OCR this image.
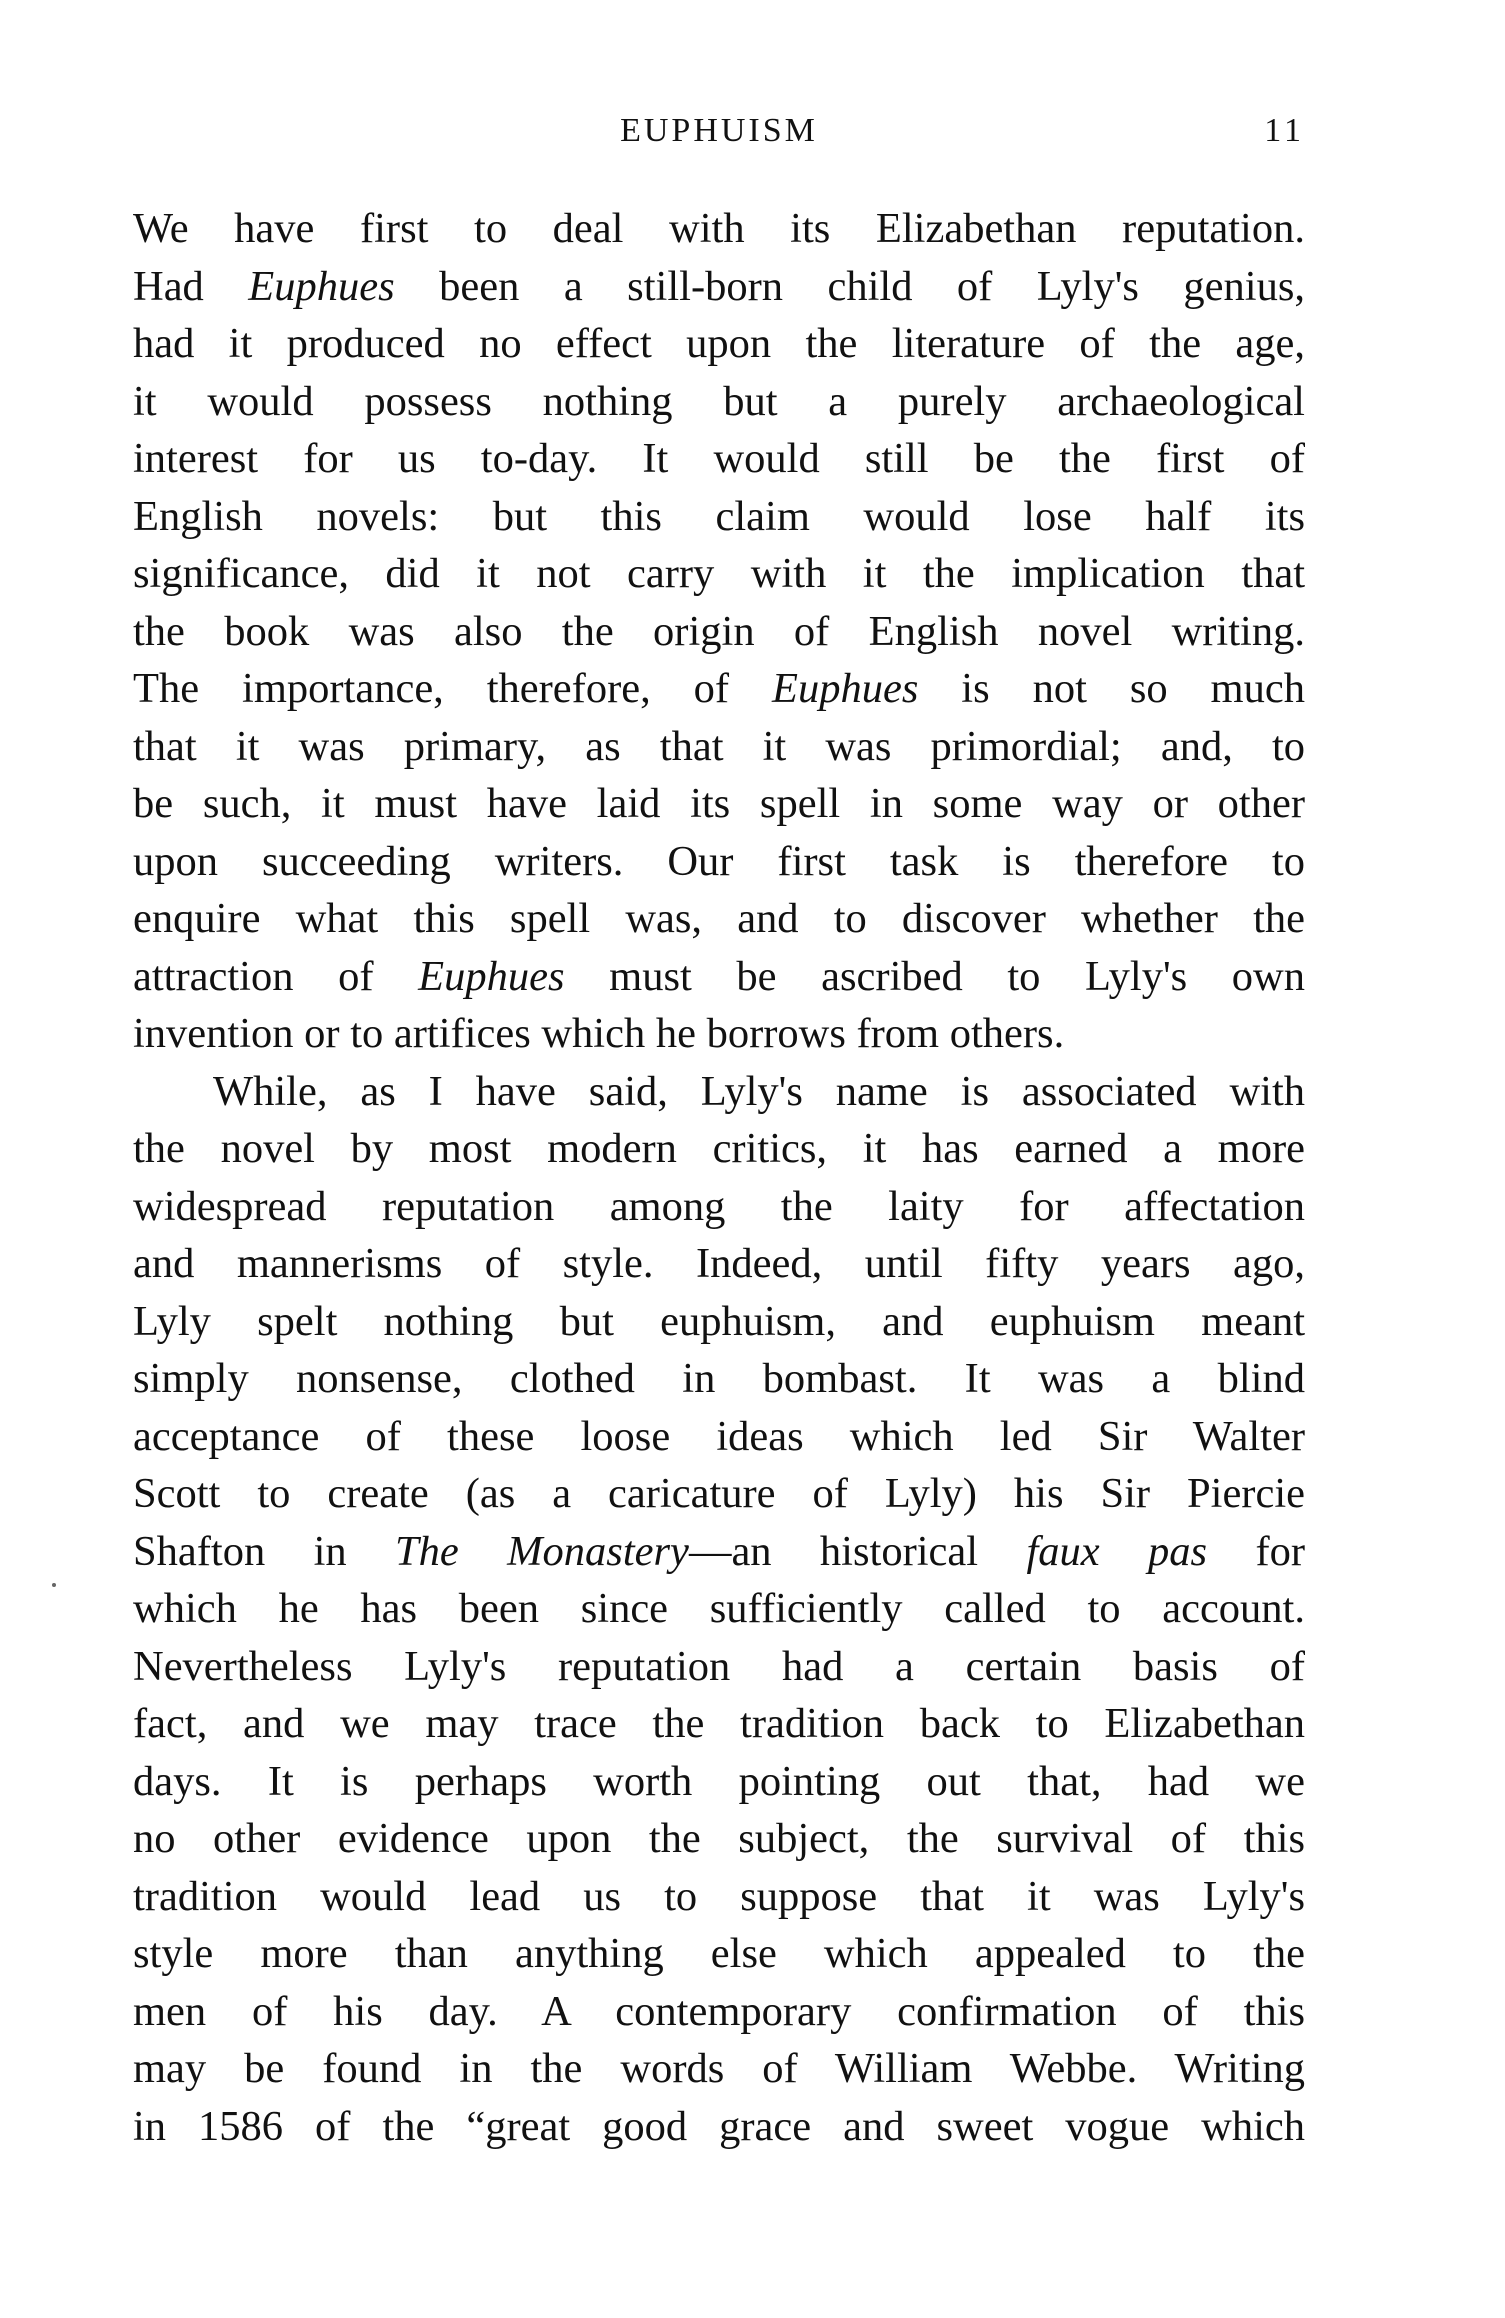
EUPHUISM	11
We have first to deal with its Elizabethan reputation.
Had Euphues been a still-born child of Lyly's genius,
had it produced no effect upon the literature of the age,
it would possess nothing but a purely archaeological
interest for us to-day. It would still be the first of
English novels: but this claim would lose half its
significance, did it not carry with it the implication that
the book was also the origin of English novel writing.
The importance, therefore, of Euphues is not so much
that it was primary, as that it was primordial; and, to
be such, it must have laid its spell in some way or other
upon succeeding writers. Our first task is therefore to
enquire what this spell was, and to discover whether the
attraction of Euphues must be ascribed to Lyly's own
invention or to artifices which he borrows from others.
While, as I have said, Lyly's name is associated with
the novel by most modern critics, it has earned a more
widespread reputation among the laity for affectation
and mannerisms of style. Indeed, until fifty years ago,
Lyly spelt nothing but euphuism, and euphuism meant
simply nonsense, clothed in bombast. It was a blind
acceptance of these loose ideas which led Sir Walter
Scott to create (as a caricature of Lyly) his Sir Piercie
Shafton in The Monastery—an historical faux pas for
which he has been since sufficiently called to account.
Nevertheless Lyly's reputation had a certain basis of
fact, and we may trace the tradition back to Elizabethan
days. It is perhaps worth pointing out that, had we
no other evidence upon the subject, the survival of this
tradition would lead us to suppose that it was Lyly's
style more than anything else which appealed to the
men of his day. A contemporary confirmation of this
may be found in the words of William Webbe. Writing
in 1586 of the “great good grace and sweet vogue which
